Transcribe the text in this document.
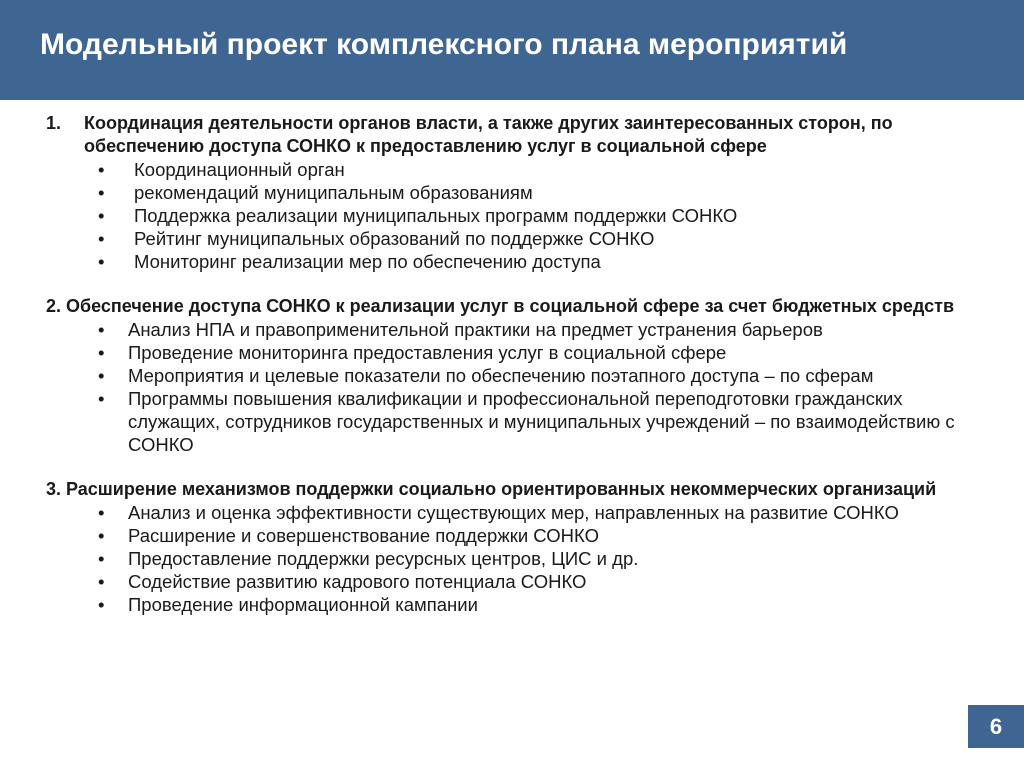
Модельный проект комплексного плана мероприятий
1.	Координация деятельности органов власти, а также других заинтересованных сторон, по обеспечению доступа СОНКО к предоставлению услуг в социальной сфере
• Координационный орган
• рекомендаций муниципальным образованиям
• Поддержка реализации муниципальных программ поддержки СОНКО
• Рейтинг муниципальных образований по поддержке СОНКО
• Мониторинг реализации мер по обеспечению доступа
2. Обеспечение доступа СОНКО к реализации услуг в социальной сфере за счет бюджетных средств
• Анализ НПА и правоприменительной практики на предмет устранения барьеров
• Проведение мониторинга предоставления услуг в социальной сфере
• Мероприятия и целевые показатели по обеспечению поэтапного доступа – по сферам
• Программы повышения квалификации и профессиональной переподготовки гражданских служащих, сотрудников государственных и муниципальных учреждений – по взаимодействию с СОНКО
3. Расширение механизмов поддержки социально ориентированных некоммерческих организаций
• Анализ и оценка эффективности существующих мер, направленных на развитие СОНКО
• Расширение и совершенствование поддержки СОНКО
• Предоставление поддержки ресурсных центров, ЦИС и др.
• Содействие развитию кадрового потенциала СОНКО
• Проведение информационной кампании
6
